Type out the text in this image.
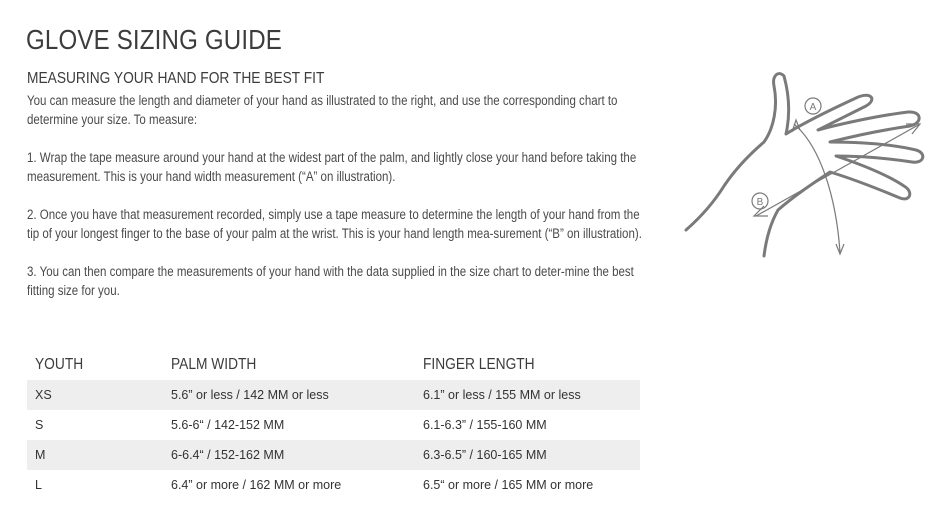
GLOVE SIZING GUIDE
MEASURING YOUR HAND FOR THE BEST FIT

You can measure the length and diameter of your hand as illustrated to the right, and use the corresponding chart to determine your size. To measure:

1. Wrap the tape measure around your hand at the widest part of the palm, and lightly close your hand before taking the measurement. This is your hand width measurement (“A” on illustration).

2. Once you have that measurement recorded, simply use a tape measure to determine the length of your hand from the tip of your longest finger to the base of your palm at the wrist. This is your hand length mea-surement (“B” on illustration).

3. You can then compare the measurements of your hand with the data supplied in the size chart to deter-mine the best fitting size for you.

A
B
YOUTH	PALM WIDTH	FINGER LENGTH
XS	5.6” or less / 142 MM or less	6.1” or less / 155 MM or less
S	5.6-6“ / 142-152 MM	6.1-6.3” / 155-160 MM
M	6-6.4“ / 152-162 MM	6.3-6.5” / 160-165 MM
L	6.4” or more / 162 MM or more	6.5“ or more / 165 MM or more
